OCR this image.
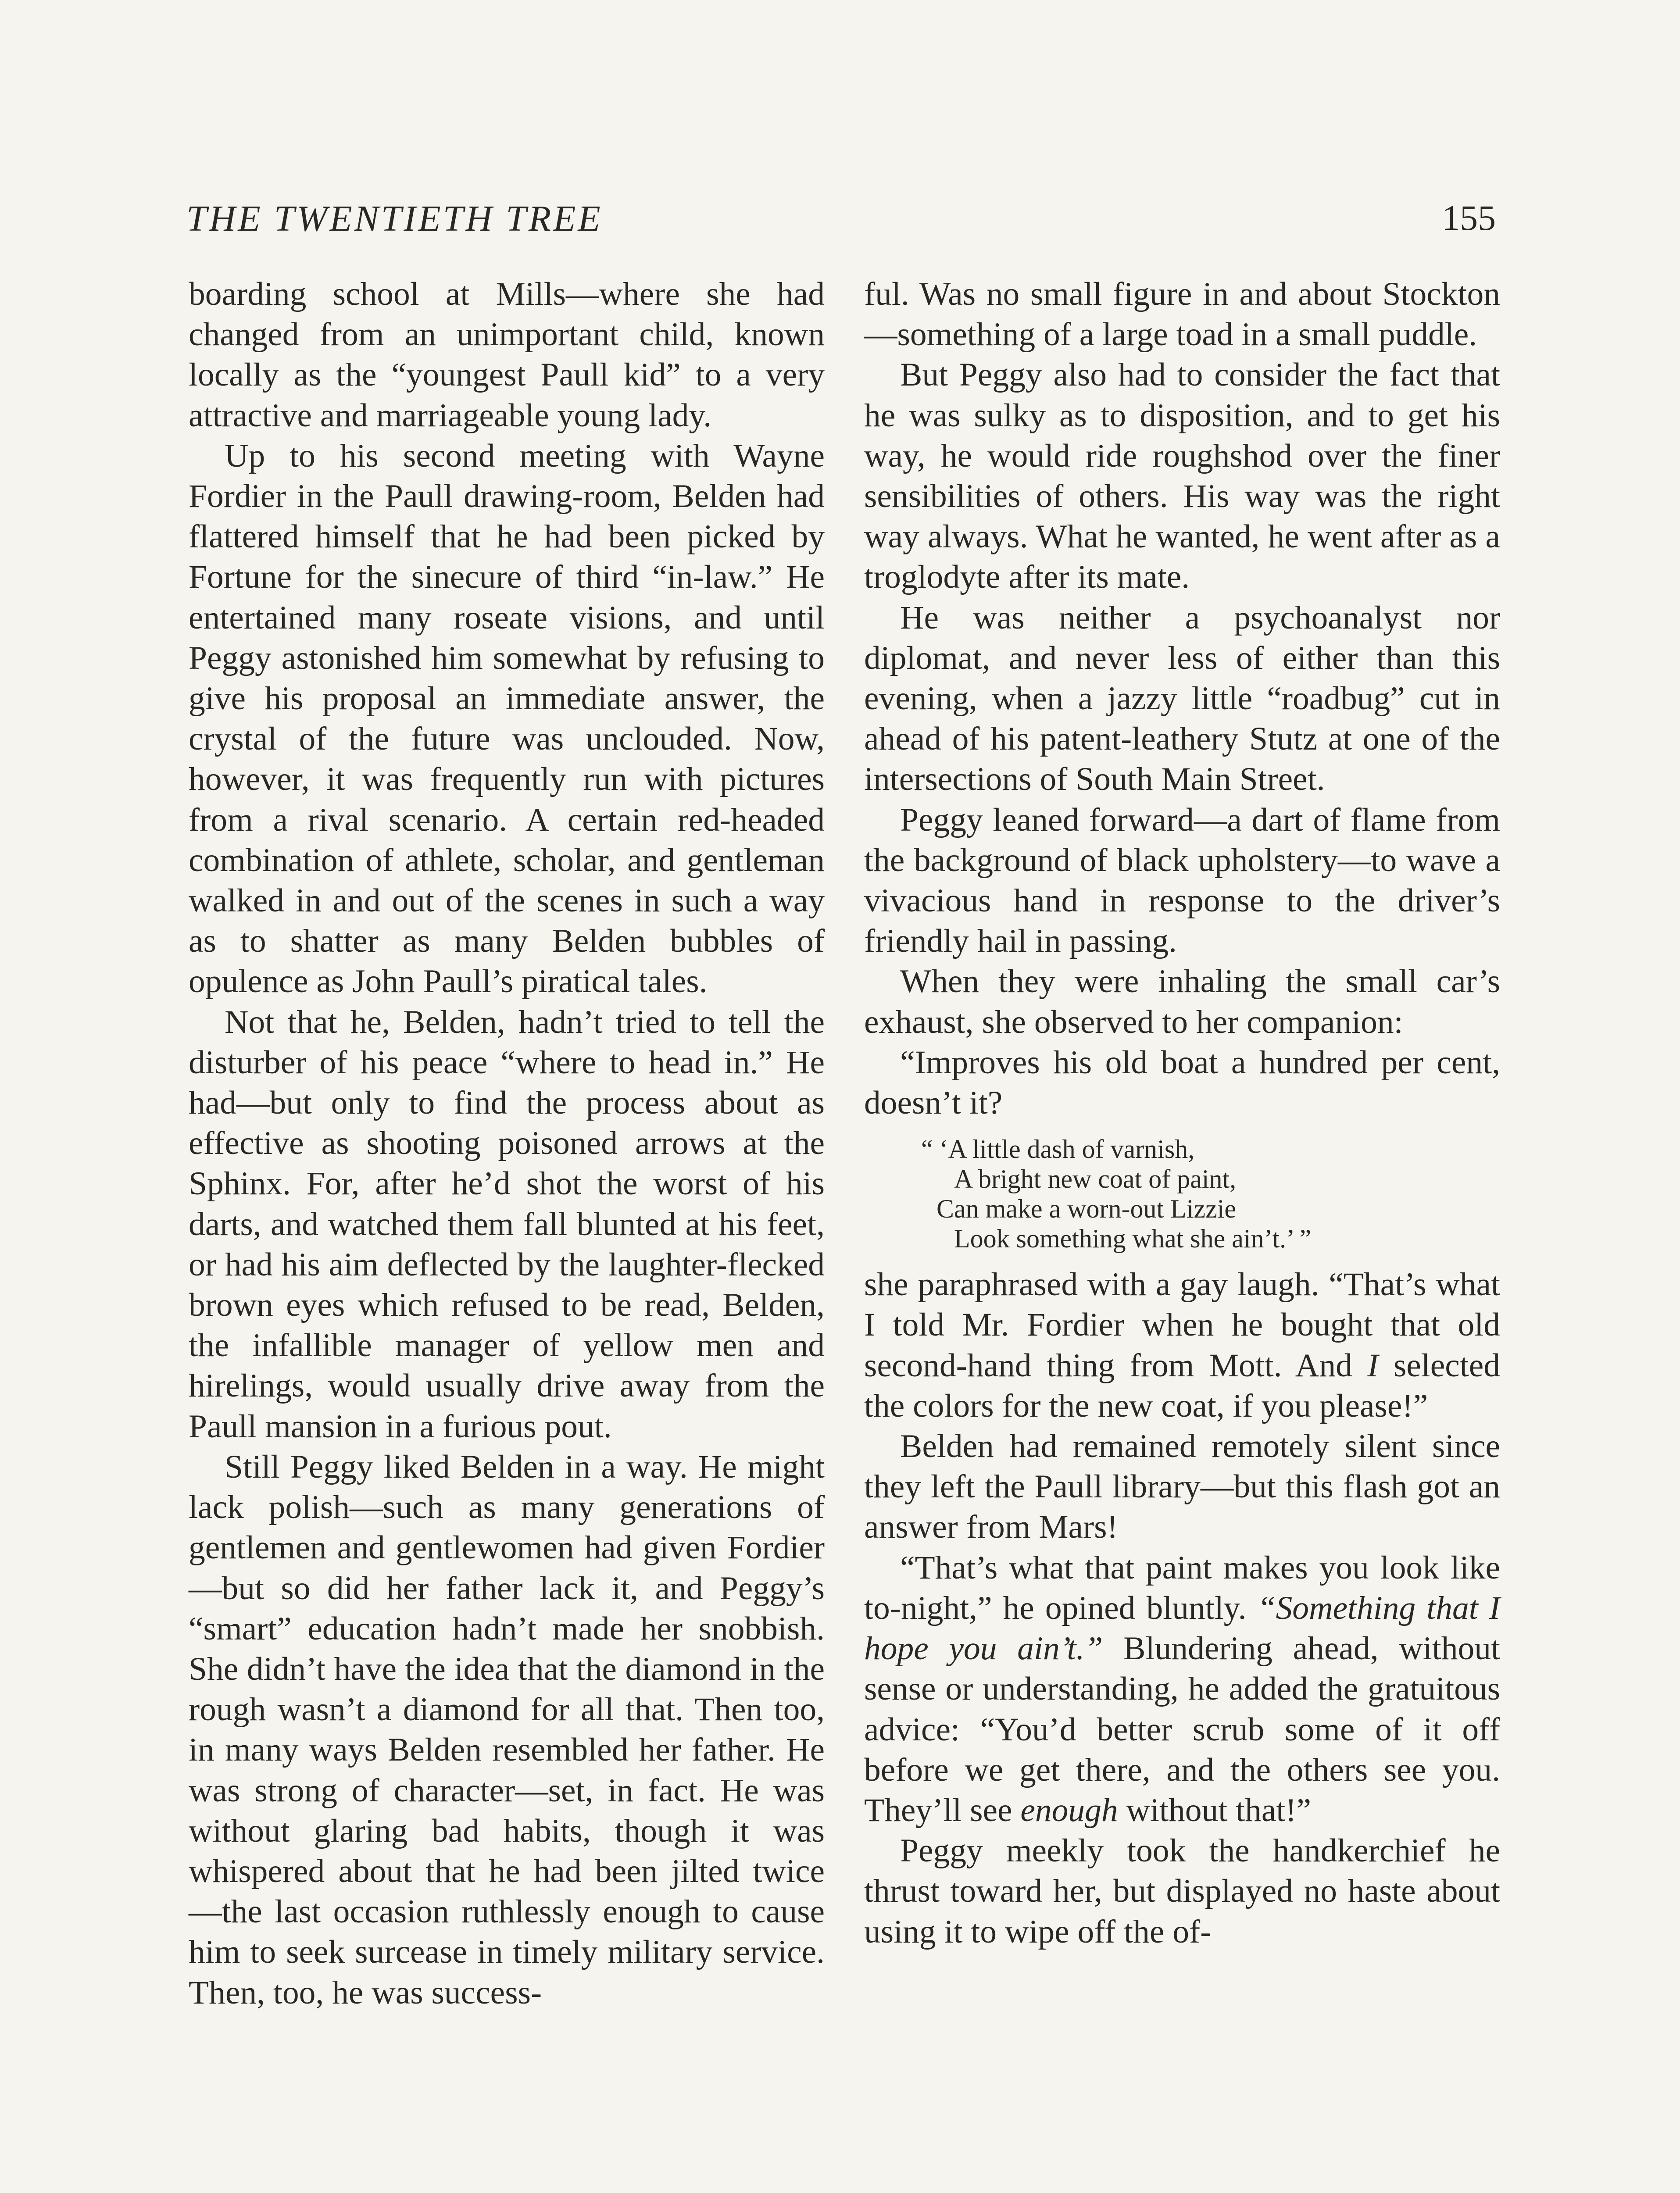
THE TWENTIETH TREE	155

boarding school at Mills—where she had changed from an unimportant child, known locally as the “youngest Paull kid” to a very attractive and marriageable young lady.

Up to his second meeting with Wayne Fordier in the Paull drawing-room, Belden had flattered himself that he had been picked by Fortune for the sinecure of third “in-law.” He entertained many roseate visions, and until Peggy astonished him somewhat by refusing to give his proposal an immediate answer, the crystal of the future was unclouded. Now, however, it was frequently run with pictures from a rival scenario. A certain red-headed combination of athlete, scholar, and gentleman walked in and out of the scenes in such a way as to shatter as many Belden bubbles of opulence as John Paull’s piratical tales.

Not that he, Belden, hadn’t tried to tell the disturber of his peace “where to head in.” He had—but only to find the process about as effective as shooting poisoned arrows at the Sphinx. For, after he’d shot the worst of his darts, and watched them fall blunted at his feet, or had his aim deflected by the laughter-flecked brown eyes which refused to be read, Belden, the infallible manager of yellow men and hirelings, would usually drive away from the Paull mansion in a furious pout.

Still Peggy liked Belden in a way. He might lack polish—such as many generations of gentlemen and gentlewomen had given Fordier—but so did her father lack it, and Peggy’s “smart” education hadn’t made her snobbish. She didn’t have the idea that the diamond in the rough wasn’t a diamond for all that. Then too, in many ways Belden resembled her father. He was strong of character—set, in fact. He was without glaring bad habits, though it was whispered about that he had been jilted twice —the last occasion ruthlessly enough to cause him to seek surcease in timely military service. Then, too, he was success-

ful. Was no small figure in and about Stockton—something of a large toad in a small puddle.

But Peggy also had to consider the fact that he was sulky as to disposition, and to get his way, he would ride roughshod over the finer sensibilities of others. His way was the right way always. What he wanted, he went after as a troglodyte after its mate.

He was neither a psychoanalyst nor diplomat, and never less of either than this evening, when a jazzy little “roadbug” cut in ahead of his patent-leathery Stutz at one of the intersections of South Main Street.

Peggy leaned forward—a dart of flame from the background of black upholstery—to wave a vivacious hand in response to the driver’s friendly hail in passing.

When they were inhaling the small car’s exhaust, she observed to her companion:

“Improves his old boat a hundred per cent, doesn’t it?

“ ‘A little dash of varnish,
A bright new coat of paint,
Can make a worn-out Lizzie
Look something what she ain’t.’ ”

she paraphrased with a gay laugh. “That’s what I told Mr. Fordier when he bought that old second-hand thing from Mott. And I selected the colors for the new coat, if you please!”

Belden had remained remotely silent since they left the Paull library—but this flash got an answer from Mars!

“That’s what that paint makes you look like to-night,” he opined bluntly. “Something that I hope you ain’t.” Blundering ahead, without sense or understanding, he added the gratuitous advice: “You’d better scrub some of it off before we get there, and the others see you. They’ll see enough without that!”

Peggy meekly took the handkerchief he thrust toward her, but displayed no haste about using it to wipe off the of-
